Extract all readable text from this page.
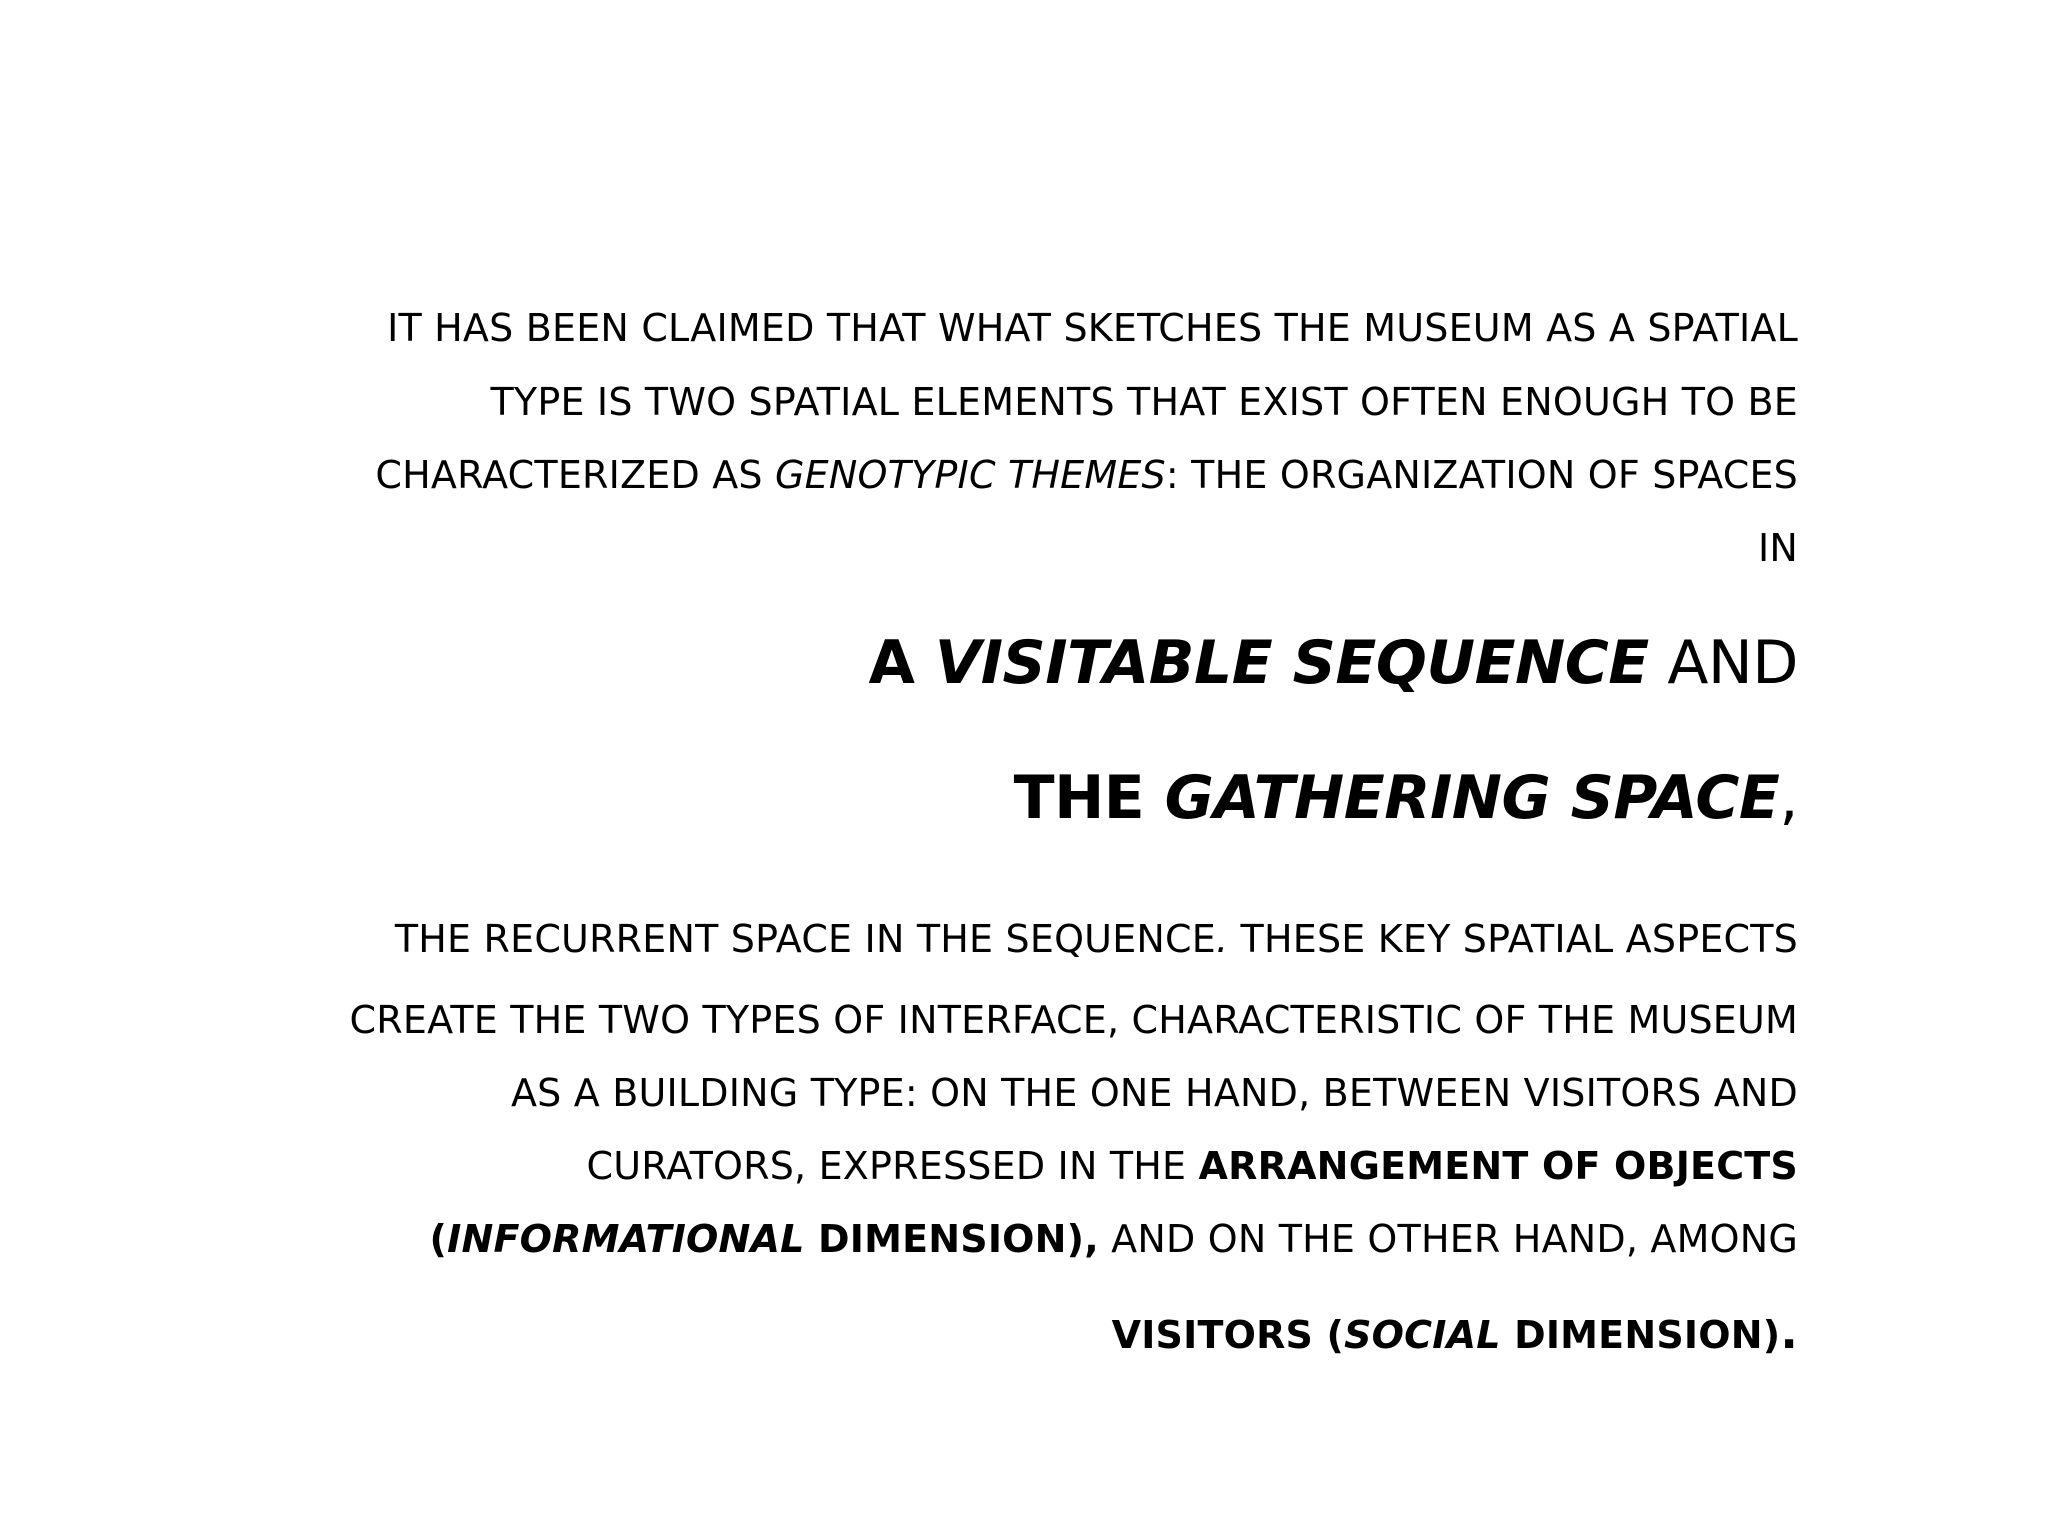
IT HAS BEEN CLAIMED THAT WHAT SKETCHES THE MUSEUM AS A SPATIAL
TYPE IS TWO SPATIAL ELEMENTS THAT EXIST OFTEN ENOUGH TO BE
CHARACTERIZED AS GENOTYPIC THEMES: THE ORGANIZATION OF SPACES
IN
A VISITABLE SEQUENCE AND
THE GATHERING SPACE,
THE RECURRENT SPACE IN THE SEQUENCE. THESE KEY SPATIAL ASPECTS
CREATE THE TWO TYPES OF INTERFACE, CHARACTERISTIC OF THE MUSEUM
AS A BUILDING TYPE: ON THE ONE HAND, BETWEEN VISITORS AND
CURATORS, EXPRESSED IN THE ARRANGEMENT OF OBJECTS
(INFORMATIONAL DIMENSION), AND ON THE OTHER HAND, AMONG
VISITORS (SOCIAL DIMENSION).
